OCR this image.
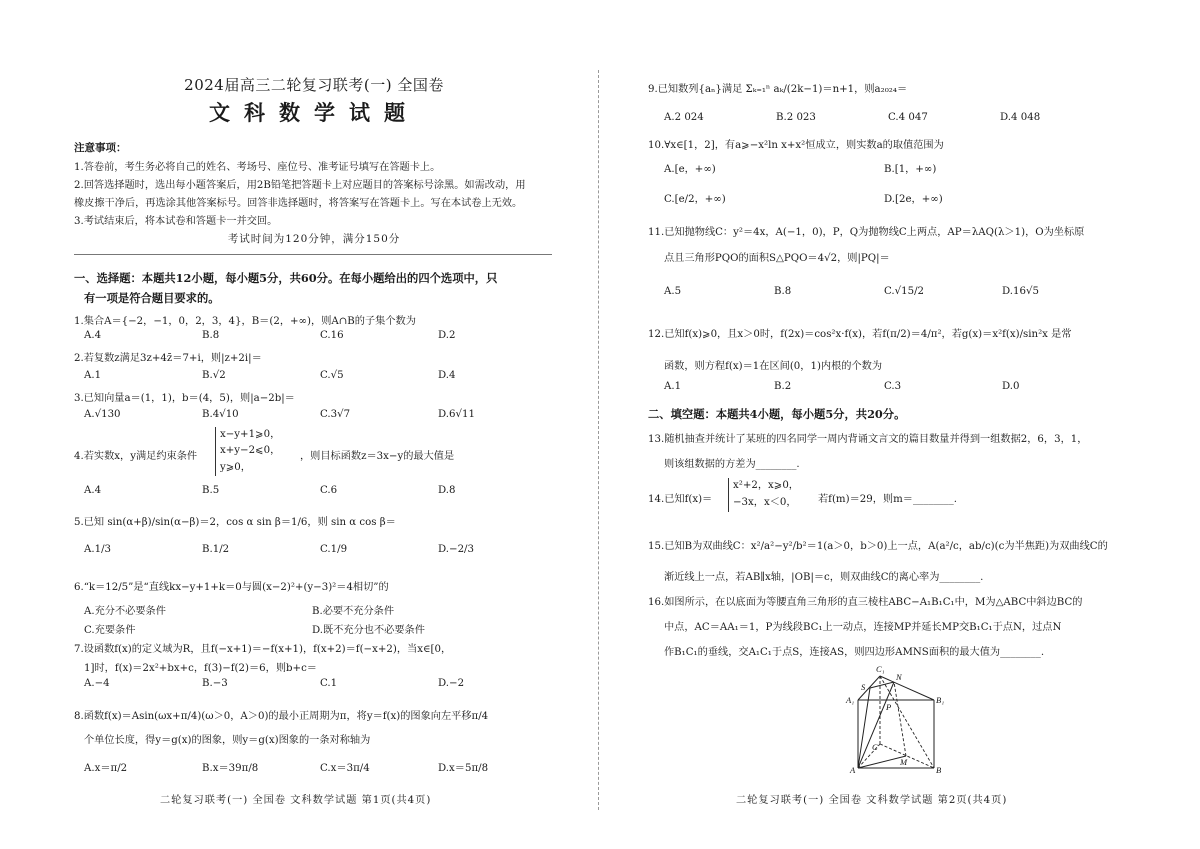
2024届高三二轮复习联考(一) 全国卷
文科数学试题
注意事项：
1.答卷前，考生务必将自己的姓名、考场号、座位号、准考证号填写在答题卡上。
2.回答选择题时，选出每小题答案后，用2B铅笔把答题卡上对应题目的答案标号涂黑。如需改动，用
橡皮擦干净后，再选涂其他答案标号。回答非选择题时，将答案写在答题卡上。写在本试卷上无效。
3.考试结束后，将本试卷和答题卡一并交回。
考试时间为120分钟，满分150分
一、选择题：本题共12小题，每小题5分，共60分。在每小题给出的四个选项中，只
有一项是符合题目要求的。
1.集合A＝{−2，−1，0，2，3，4}，B＝(2，+∞)，则A∩B的子集个数为
A.4	B.8	C.16	D.2
2.若复数z满足3z+4z̄＝7+i，则|z+2i|＝
A.1	B.√2	C.√5	D.4
3.已知向量a＝(1，1)，b＝(4，5)，则|a−2b|＝
A.√130	B.4√10	C.3√7	D.6√11
4.若实数x，y满足约束条件
x−y+1⩾0，
x+y−2⩽0，
y⩾0，
，则目标函数z＝3x−y的最大值是
A.4	B.5	C.6	D.8
5.已知 sin(α+β)/sin(α−β)＝2，cos α sin β＝1/6，则 sin α cos β＝
A.1/3	B.1/2	C.1/9	D.−2/3
6.“k＝12/5”是“直线kx−y+1+k＝0与圆(x−2)²+(y−3)²＝4相切”的
A.充分不必要条件	B.必要不充分条件
C.充要条件	D.既不充分也不必要条件
7.设函数f(x)的定义域为R，且f(−x+1)＝−f(x+1)，f(x+2)＝f(−x+2)，当x∈[0，
1]时，f(x)＝2x²+bx+c，f(3)−f(2)＝6，则b+c＝
A.−4	B.−3	C.1	D.−2
8.函数f(x)＝Asin(ωx+π/4)(ω＞0，A＞0)的最小正周期为π，将y＝f(x)的图象向左平移π/4
个单位长度，得y＝g(x)的图象，则y＝g(x)图象的一条对称轴为
A.x＝π/2	B.x＝39π/8	C.x＝3π/4	D.x＝5π/8
二轮复习联考(一) 全国卷 文科数学试题 第1页(共4页)
9.已知数列{aₙ}满足 Σₖ₌₁ⁿ aₖ/(2k−1)＝n+1，则a₂₀₂₄＝
A.2 024	B.2 023	C.4 047	D.4 048
10.∀x∈[1，2]，有a⩾−x²ln x+x²恒成立，则实数a的取值范围为
A.[e，+∞)	B.[1，+∞)
C.[e/2，+∞)	D.[2e，+∞)
11.已知抛物线C：y²＝4x，A(−1，0)，P，Q为抛物线C上两点，AP＝λAQ(λ＞1)，O为坐标原
点且三角形PQO的面积S△PQO＝4√2，则|PQ|＝
A.5	B.8	C.√15/2	D.16√5
12.已知f(x)⩾0，且x＞0时，f(2x)＝cos²x·f(x)，若f(π/2)＝4/π²，若g(x)＝x²f(x)/sin²x 是常
函数，则方程f(x)＝1在区间(0，1)内根的个数为
A.1	B.2	C.3	D.0
二、填空题：本题共4小题，每小题5分，共20分。
13.随机抽查并统计了某班的四名同学一周内背诵文言文的篇目数量并得到一组数据2，6，3，1，
则该组数据的方差为________.
14.已知f(x)＝
x²+2，x⩾0，
−3x，x＜0， 若f(m)＝29，则m＝________.
15.已知B为双曲线C：x²/a²−y²/b²＝1(a＞0，b＞0)上一点，A(a²/c，ab/c)(c为半焦距)为双曲线C的
渐近线上一点，若AB∥x轴，|OB|＝c，则双曲线C的离心率为________.
16.如图所示，在以底面为等腰直角三角形的直三棱柱ABC−A₁B₁C₁中，M为△ABC中斜边BC的
中点，AC＝AA₁＝1，P为线段BC₁上一动点，连接MP并延长MP交B₁C₁于点N，过点N
作B₁C₁的垂线，交A₁C₁于点S，连接AS，则四边形AMNS面积的最大值为________.
C₁
N
S
A₁
P
B₁
C
M
A	B
二轮复习联考(一) 全国卷 文科数学试题 第2页(共4页)
